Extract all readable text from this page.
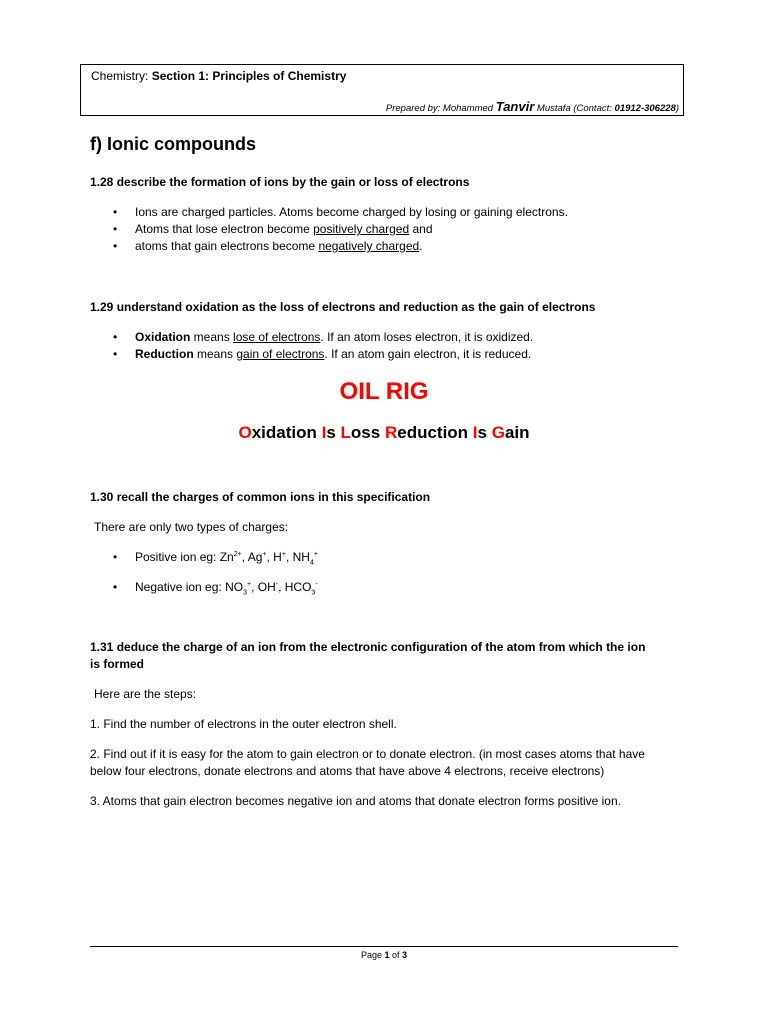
Chemistry: Section 1: Principles of Chemistry
Prepared by: Mohammed Tanvir Mustafa (Contact: 01912-306228)
f) Ionic compounds
1.28 describe the formation of ions by the gain or loss of electrons
• Ions are charged particles. Atoms become charged by losing or gaining electrons.
• Atoms that lose electron become positively charged and
• atoms that gain electrons become negatively charged.
1.29 understand oxidation as the loss of electrons and reduction as the gain of electrons
• Oxidation means lose of electrons. If an atom loses electron, it is oxidized.
• Reduction means gain of electrons. If an atom gain electron, it is reduced.
OIL RIG
Oxidation Is Loss Reduction Is Gain
1.30 recall the charges of common ions in this specification
There are only two types of charges:
• Positive ion eg: $Zn^{2+}$, Ag+, H+, $NH_4^+$
• Negative ion eg: $NO_3^+$, OH-, $HCO_3^-$
1.31 deduce the charge of an ion from the electronic configuration of the atom from which the ion
is formed
Here are the steps:
1. Find the number of electrons in the outer electron shell.
2. Find out if it is easy for the atom to gain electron or to donate electron. (in most cases atoms that have
below four electrons, donate electrons and atoms that have above 4 electrons, receive electrons)
3. Atoms that gain electron becomes negative ion and atoms that donate electron forms positive ion.
Page 1 of 3
